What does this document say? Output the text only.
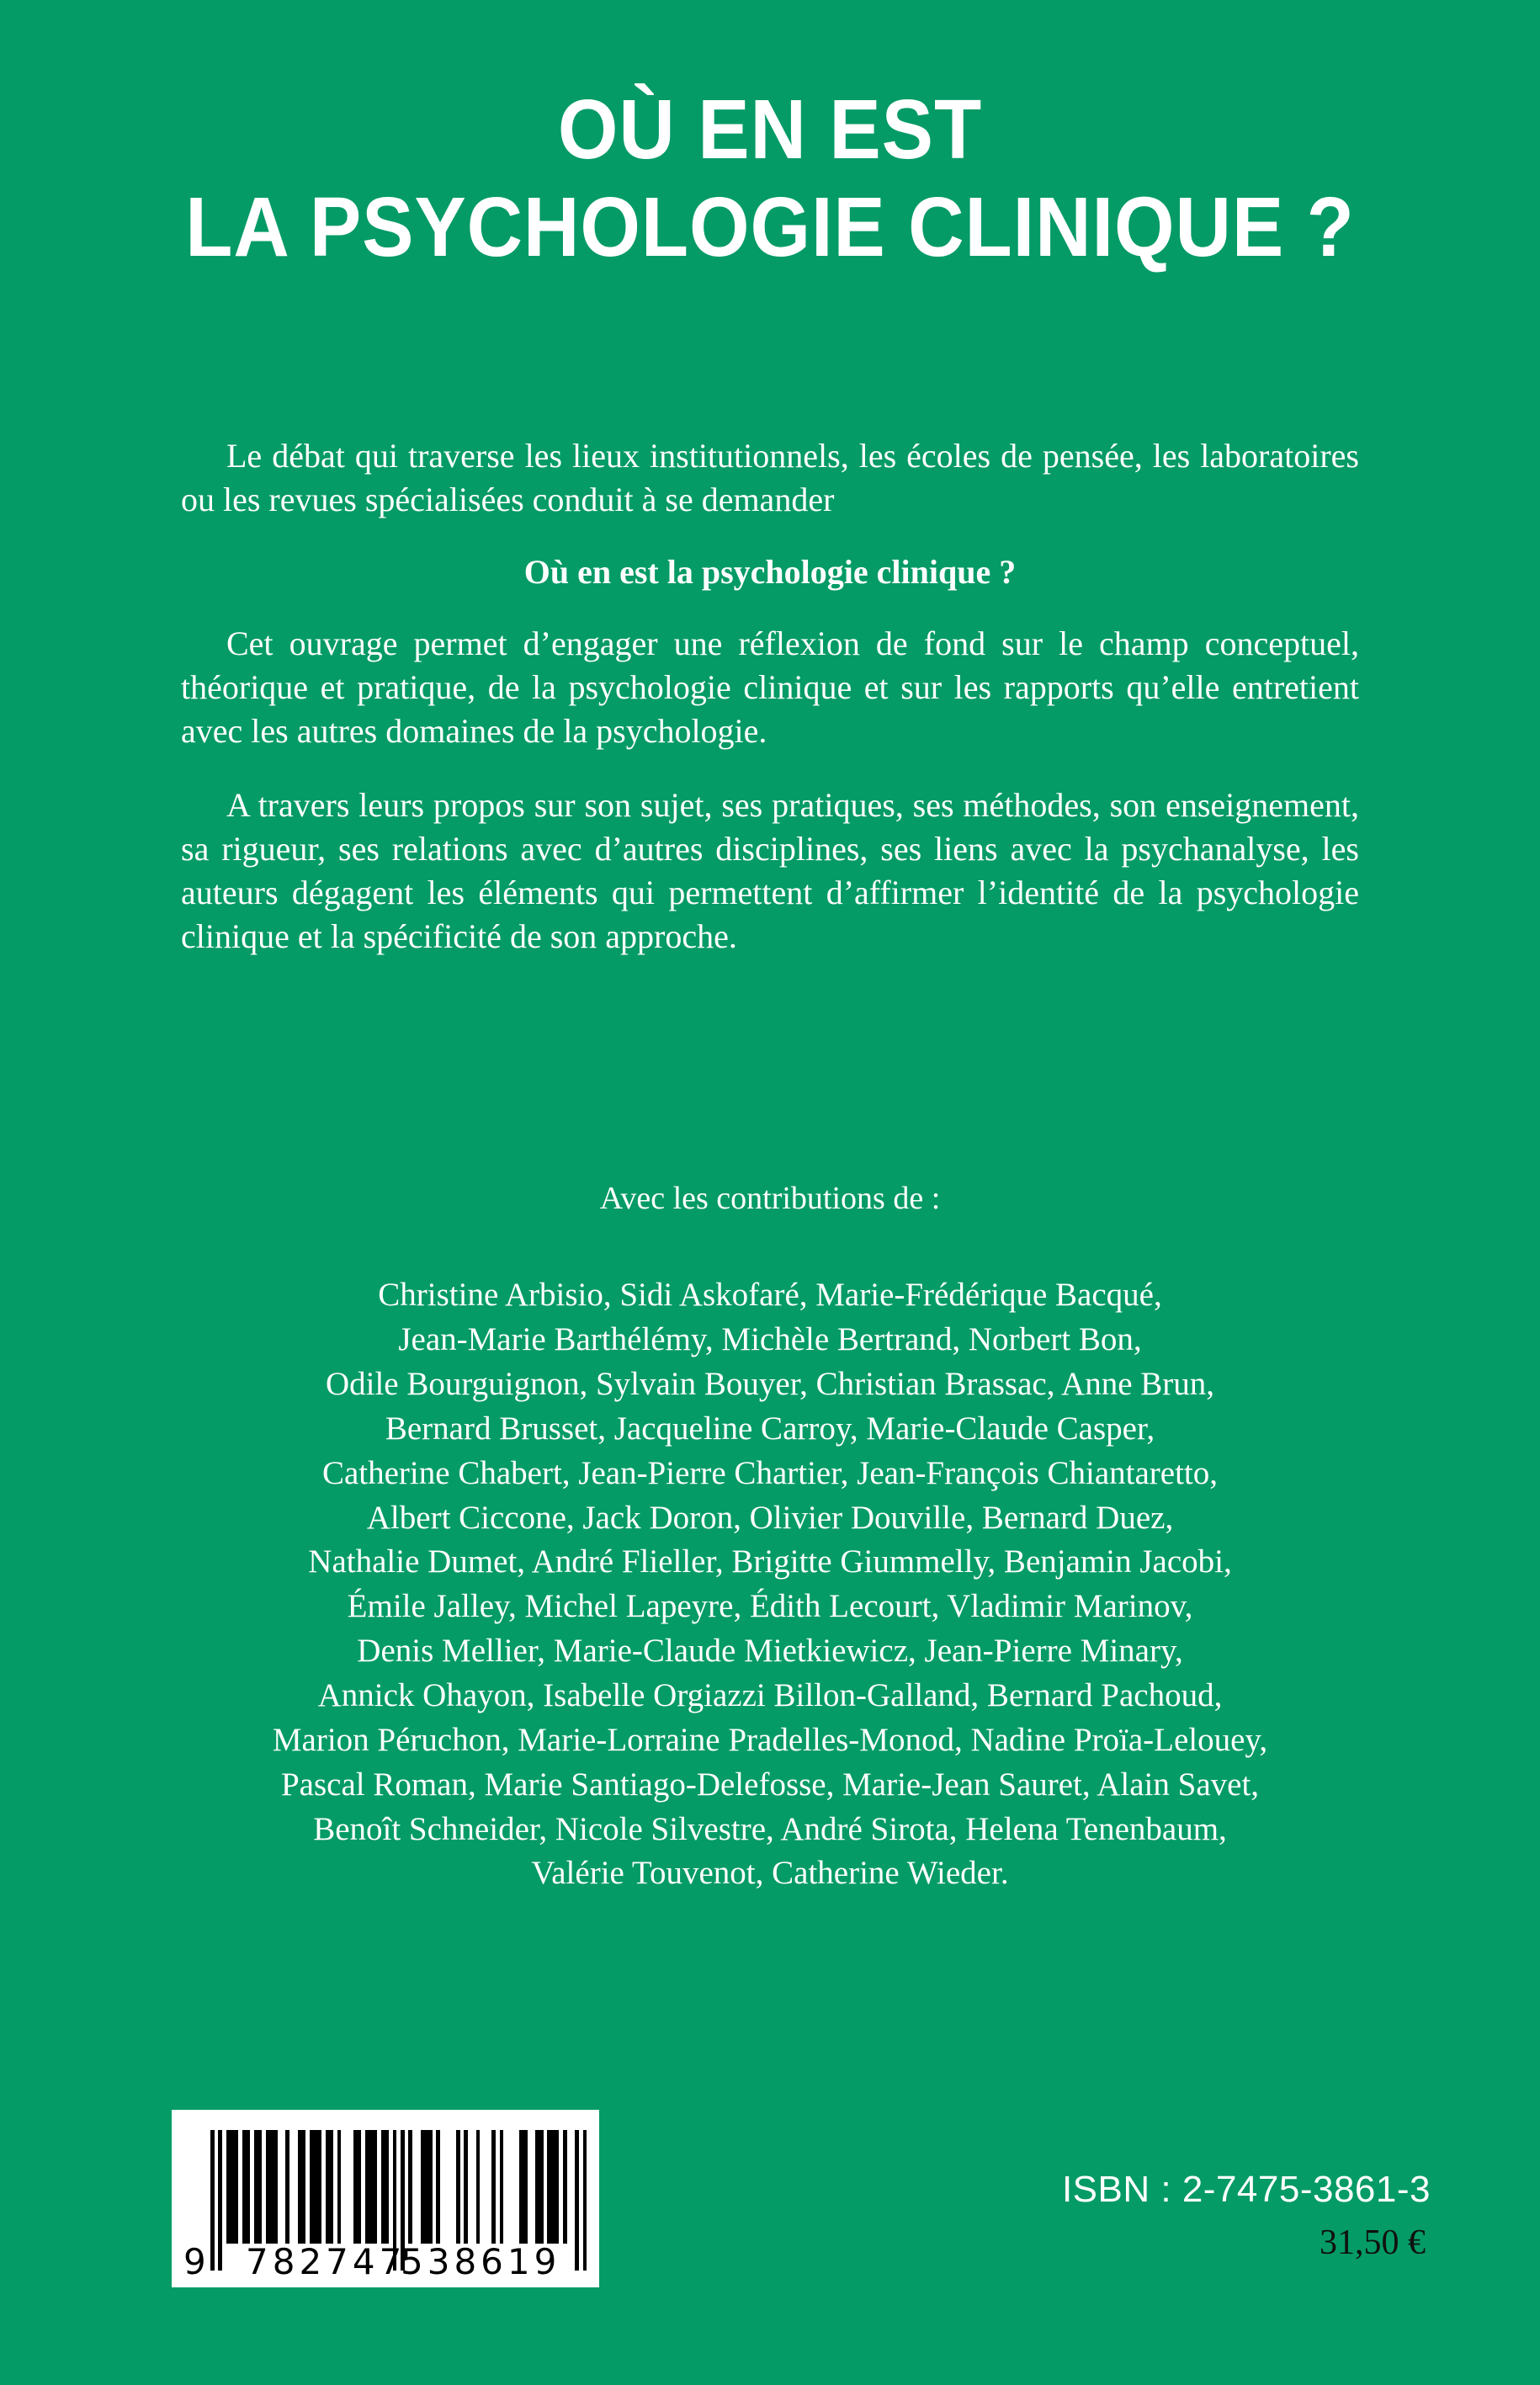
OÙ EN EST
LA PSYCHOLOGIE CLINIQUE ?

Le débat qui traverse les lieux institutionnels, les écoles de pensée, les laboratoires ou les revues spécialisées conduit à se demander

Où en est la psychologie clinique ?

Cet ouvrage permet d’engager une réflexion de fond sur le champ conceptuel, théorique et pratique, de la psychologie clinique et sur les rapports qu’elle entretient avec les autres domaines de la psychologie.

A travers leurs propos sur son sujet, ses pratiques, ses méthodes, son enseignement, sa rigueur, ses relations avec d’autres disciplines, ses liens avec la psychanalyse, les auteurs dégagent les éléments qui permettent d’affirmer l’identité de la psychologie clinique et la spécificité de son approche.

Avec les contributions de :
Christine Arbisio, Sidi Askofaré, Marie-Frédérique Bacqué,
Jean-Marie Barthélémy, Michèle Bertrand, Norbert Bon,
Odile Bourguignon, Sylvain Bouyer, Christian Brassac, Anne Brun,
Bernard Brusset, Jacqueline Carroy, Marie-Claude Casper,
Catherine Chabert, Jean-Pierre Chartier, Jean-François Chiantaretto,
Albert Ciccone, Jack Doron, Olivier Douville, Bernard Duez,
Nathalie Dumet, André Flieller, Brigitte Giummelly, Benjamin Jacobi,
Émile Jalley, Michel Lapeyre, Édith Lecourt, Vladimir Marinov,
Denis Mellier, Marie-Claude Mietkiewicz, Jean-Pierre Minary,
Annick Ohayon, Isabelle Orgiazzi Billon-Galland, Bernard Pachoud,
Marion Péruchon, Marie-Lorraine Pradelles-Monod, Nadine Proïa-Lelouey,
Pascal Roman, Marie Santiago-Delefosse, Marie-Jean Sauret, Alain Savet,
Benoît Schneider, Nicole Silvestre, André Sirota, Helena Tenenbaum,
Valérie Touvenot, Catherine Wieder.
9 782747
538619
ISBN : 2-7475-3861-3
31,50 €
